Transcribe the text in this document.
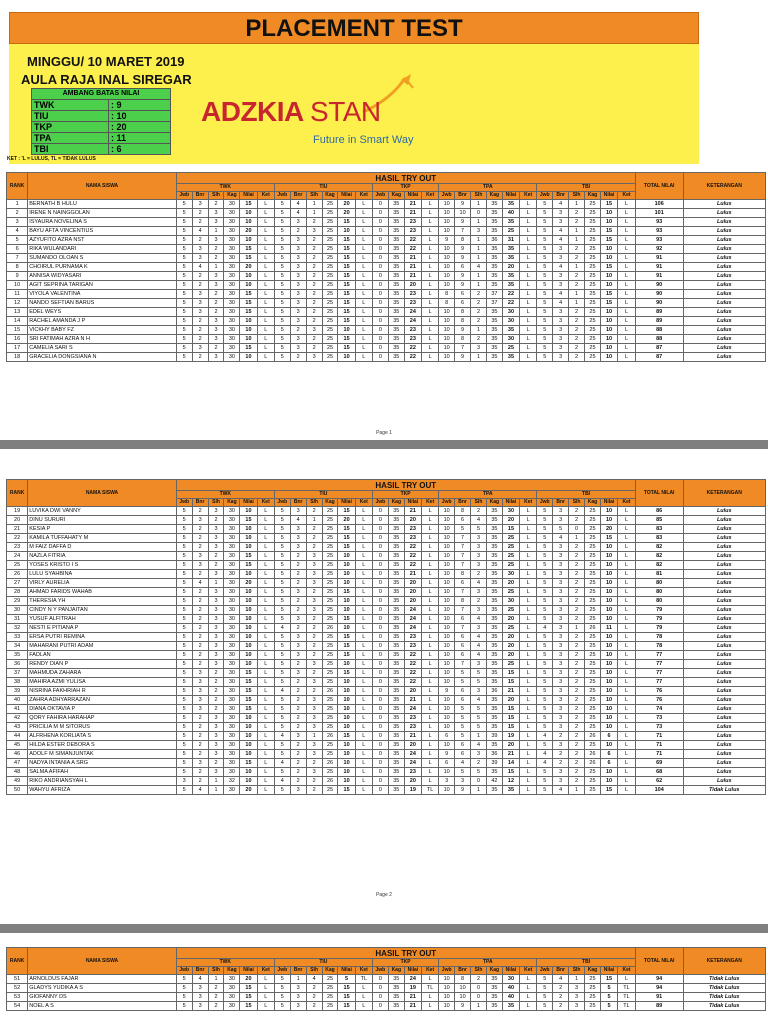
PLACEMENT TEST
MINGGU/ 10 MARET 2019
AULA RAJA INAL SIREGAR
AMBANG BATAS NILAI	
TWK	: 9
TIU	: 10
TKP	: 20
TPA	: 11
TBI	: 6
KET : 'L = LULUS, TL = TIDAK LULUS
ADZKIA STAN
Future in Smart Way
RANK	NAMA SISWA	HASIL TRY OUT																												TOTAL NILAI	KETERANGAN
		TWK						TIU						TKP				TPA						TBI							
		Jwb	Bnr	Slh	Kag	Nilai	Ket	Jwb	Bnr	Slh	Kag	Nilai	Ket	Jwb	Kag	Nilai	Ket	Jwb	Bnr	Slh	Kag	Nilai	Ket	Jwb	Bnr	Slh	Kag	Nilai	Ket		
1	BERNATH B HULU	5	3	2	30	15	L	5	4	1	25	20	L	0	35	21	L	10	9	1	35	35	L	5	4	1	25	15	L	106	Lulus
2	IRENE N NAINGGOLAN	5	2	3	30	10	L	5	4	1	25	20	L	0	35	21	L	10	10	0	35	40	L	5	3	2	25	10	L	101	Lulus
3	ISYAURA NOVELINA S	5	2	3	30	10	L	5	3	2	25	15	L	0	35	23	L	10	9	1	35	35	L	5	3	2	25	10	L	93	Lulus
4	BAYU AFTA VINCENTIUS	5	4	1	30	20	L	5	2	3	25	10	L	0	35	23	L	10	7	3	35	25	L	5	4	1	25	15	L	93	Lulus
5	AZYUFITO AZRA NST	5	2	3	30	10	L	5	3	2	25	15	L	0	35	22	L	9	8	1	36	31	L	5	4	1	25	15	L	93	Lulus
6	RIKA WULANDARI	5	3	2	30	15	L	5	3	2	25	15	L	0	35	22	L	10	9	1	35	35	L	5	3	2	25	10	L	92	Lulus
7	SUMANDO OLOAN S	5	3	2	30	15	L	5	3	2	25	15	L	0	35	21	L	10	9	1	35	35	L	5	3	2	25	10	L	91	Lulus
8	CHOIRUL PURNAMA K	5	4	1	30	20	L	5	3	2	25	15	L	0	35	21	L	10	6	4	35	20	L	5	4	1	25	15	L	91	Lulus
9	ANNISA WIDYASARI	5	2	3	30	10	L	5	3	2	25	15	L	0	35	21	L	10	9	1	35	35	L	5	3	2	25	10	L	91	Lulus
10	AGIT SEPRINA TARIGAN	5	2	3	30	10	L	5	3	2	25	15	L	0	35	20	L	10	9	1	35	35	L	5	3	2	25	10	L	90	Lulus
11	VIYOLA VALENTINA	5	3	2	30	15	L	5	3	2	25	15	L	0	35	23	L	8	6	2	37	22	L	5	4	1	25	15	L	90	Lulus
12	NANDO SEFTIAN BARUS	5	3	2	30	15	L	5	3	2	25	15	L	0	35	23	L	8	6	2	37	22	L	5	4	1	25	15	L	90	Lulus
13	EDEL WEYS	5	3	2	30	15	L	5	3	2	25	15	L	0	35	24	L	10	8	2	35	30	L	5	3	2	25	10	L	89	Lulus
14	RACHEL AMANDA J P	5	2	3	30	10	L	5	3	2	25	15	L	0	35	24	L	10	8	2	35	30	L	5	3	2	25	10	L	89	Lulus
15	VICKHY BABY FZ	5	2	3	30	10	L	5	2	3	25	10	L	0	35	23	L	10	9	1	35	35	L	5	3	2	25	10	L	88	Lulus
16	SRI FATIMAH AZRA N H	5	2	3	30	10	L	5	3	2	25	15	L	0	35	23	L	10	8	2	35	30	L	5	3	2	25	10	L	88	Lulus
17	CAMELIA SARI S	5	3	2	30	15	L	5	3	2	25	15	L	0	35	22	L	10	7	3	35	25	L	5	3	2	25	10	L	87	Lulus
18	GRACELIA DONGSIANA N	5	2	3	30	10	L	5	2	3	25	10	L	0	35	22	L	10	9	1	35	35	L	5	3	2	25	10	L	87	Lulus
Page 1
RANK	NAMA SISWA	HASIL TRY OUT																												TOTAL NILAI	KETERANGAN
		TWK						TIU						TKP				TPA						TBI							
		Jwb	Bnr	Slh	Kag	Nilai	Ket	Jwb	Bnr	Slh	Kag	Nilai	Ket	Jwb	Kag	Nilai	Ket	Jwb	Bnr	Slh	Kag	Nilai	Ket	Jwb	Bnr	Slh	Kag	Nilai	Ket		
19	LUVIKA DWI VANNY	5	2	3	30	10	L	5	3	2	25	15	L	0	35	21	L	10	8	2	35	30	L	5	3	2	25	10	L	86	Lulus
20	DINU SURURI	5	3	2	30	15	L	5	4	1	25	20	L	0	35	20	L	10	6	4	35	20	L	5	3	2	25	10	L	85	Lulus
21	KESIA P	5	2	3	30	10	L	5	3	2	25	15	L	0	35	23	L	10	5	5	35	15	L	5	5	0	25	20	L	83	Lulus
22	KAMILA TUFFAHATY M	5	2	3	30	10	L	5	3	2	25	15	L	0	35	23	L	10	7	3	35	25	L	5	4	1	25	15	L	83	Lulus
23	M FAIZ DAFFA D	5	2	3	30	10	L	5	3	2	25	15	L	0	35	22	L	10	7	3	35	25	L	5	3	2	25	10	L	82	Lulus
24	NAZLA FITRIA	5	3	2	30	15	L	5	2	3	25	10	L	0	35	22	L	10	7	3	35	25	L	5	3	2	25	10	L	82	Lulus
25	YOSES KRISTO I S	5	3	2	30	15	L	5	2	3	25	10	L	0	35	22	L	10	7	3	35	25	L	5	3	2	25	10	L	82	Lulus
26	LULU SYAHBINA	5	2	3	30	10	L	5	2	3	25	10	L	0	35	21	L	10	8	2	35	30	L	5	3	2	25	10	L	81	Lulus
27	VIRLY AURELIA	5	4	1	30	20	L	5	2	3	25	10	L	0	35	20	L	10	6	4	35	20	L	5	3	2	25	10	L	80	Lulus
28	AHMAD FARIDS WAHAB	5	2	3	30	10	L	5	3	2	25	15	L	0	35	20	L	10	7	3	35	25	L	5	3	2	25	10	L	80	Lulus
29	THERESIA YH	5	2	3	30	10	L	5	2	3	25	10	L	0	35	20	L	10	8	2	35	30	L	5	3	2	25	10	L	80	Lulus
30	CINDY N Y PANJAITAN	5	2	3	30	10	L	5	2	3	25	10	L	0	35	24	L	10	7	3	35	25	L	5	3	2	25	10	L	79	Lulus
31	YUSUF ALFITRAH	5	2	3	30	10	L	5	3	2	25	15	L	0	35	24	L	10	6	4	35	20	L	5	3	2	25	10	L	79	Lulus
32	NESTI E PITIANA P	5	2	3	30	10	L	4	2	2	26	10	L	0	35	24	L	10	7	3	35	25	L	4	3	1	26	11	L	79	Lulus
33	ERSA PUTRI REMINA	5	2	3	30	10	L	5	3	2	25	15	L	0	35	23	L	10	6	4	35	20	L	5	3	2	25	10	L	78	Lulus
34	MAHARANI PUTRI ADAM	5	2	3	30	10	L	5	3	2	25	15	L	0	35	23	L	10	6	4	35	20	L	5	3	2	25	10	L	78	Lulus
35	FADLAN	5	2	3	30	10	L	5	3	2	25	15	L	0	35	22	L	10	6	4	35	20	L	5	3	2	25	10	L	77	Lulus
36	RENDY DIAN P	5	2	3	30	10	L	5	2	3	25	10	L	0	35	22	L	10	7	3	35	25	L	5	3	2	25	10	L	77	Lulus
37	MAHMUDA ZAHARA	5	3	2	30	15	L	5	3	2	25	15	L	0	35	22	L	10	5	5	35	15	L	5	3	2	25	10	L	77	Lulus
38	MAHIRA AZMI YULISA	5	3	2	30	15	L	5	2	3	25	10	L	0	35	22	L	10	5	5	35	15	L	5	3	2	25	10	L	77	Lulus
39	NISRINA FAKHRIAH R	5	3	2	30	15	L	4	2	2	26	10	L	0	35	20	L	9	6	3	36	21	L	5	3	2	25	10	L	76	Lulus
40	ZAHRA ADHYARRAZAN	5	3	2	30	15	L	5	2	3	25	10	L	0	35	21	L	10	6	4	35	20	L	5	3	2	25	10	L	76	Lulus
41	DIANA OKTAVIA P	5	3	2	30	15	L	5	2	3	25	10	L	0	35	24	L	10	5	5	35	15	L	5	3	2	25	10	L	74	Lulus
42	QORY FAHIRA HARAHAP	5	2	3	30	10	L	5	2	3	25	10	L	0	35	23	L	10	5	5	35	15	L	5	3	2	25	10	L	73	Lulus
43	PRICILIA M M SITORUS	5	2	3	30	10	L	5	2	3	25	10	L	0	35	23	L	10	5	5	35	15	L	5	3	2	25	10	L	73	Lulus
44	ALFRHENA KORLIATA S	5	2	3	30	10	L	4	3	1	26	15	L	0	35	21	L	6	5	1	39	19	L	4	2	2	26	6	L	71	Lulus
45	HILDA ESTER DEBORA S	5	2	3	30	10	L	5	2	3	25	10	L	0	35	20	L	10	6	4	35	20	L	5	3	2	25	10	L	71	Lulus
46	ADOLF M SIMANJUNTAK	5	2	3	30	10	L	5	2	3	25	10	L	0	35	24	L	9	6	3	36	21	L	4	2	2	26	6	L	71	Lulus
47	NADYA INTANIA A SRG	5	3	2	30	15	L	4	2	2	26	10	L	0	35	24	L	6	4	2	39	14	L	4	2	2	26	6	L	69	Lulus
48	SALMA AFIFAH	5	2	3	30	10	L	5	2	3	25	10	L	0	35	23	L	10	5	5	35	15	L	5	3	2	25	10	L	68	Lulus
49	RIKO ANDRIANSYAH L	3	2	1	32	10	L	4	2	2	26	10	L	0	35	20	L	3	3	0	42	12	L	5	3	2	25	10	L	62	Lulus
50	WAHYU AFRIZA	5	4	1	30	20	L	5	3	2	25	15	L	0	35	19	TL	10	9	1	35	35	L	5	4	1	25	15	L	104	Tidak Lulus
Page 2
RANK	NAMA SISWA	HASIL TRY OUT																												TOTAL NILAI	KETERANGAN
		TWK						TIU						TKP				TPA						TBI							
		Jwb	Bnr	Slh	Kag	Nilai	Ket	Jwb	Bnr	Slh	Kag	Nilai	Ket	Jwb	Kag	Nilai	Ket	Jwb	Bnr	Slh	Kag	Nilai	Ket	Jwb	Bnr	Slh	Kag	Nilai	Ket		
51	ARNOLDUS FAJAR	5	4	1	30	20	L	5	1	4	25	5	TL	0	35	24	L	10	8	2	35	30	L	5	4	1	25	15	L	94	Tidak Lulus
52	GLADYS YUDIKA A S	5	3	2	30	15	L	5	3	2	25	15	L	0	35	19	TL	10	10	0	35	40	L	5	2	3	25	5	TL	94	Tidak Lulus
53	GIOFANNY DS	5	3	2	30	15	L	5	3	2	25	15	L	0	35	21	L	10	10	0	35	40	L	5	2	3	25	5	TL	91	Tidak Lulus
54	NOEL A S	5	3	2	30	15	L	5	3	2	25	15	L	0	35	21	L	10	9	1	35	35	L	5	2	3	25	5	TL	89	Tidak Lulus
